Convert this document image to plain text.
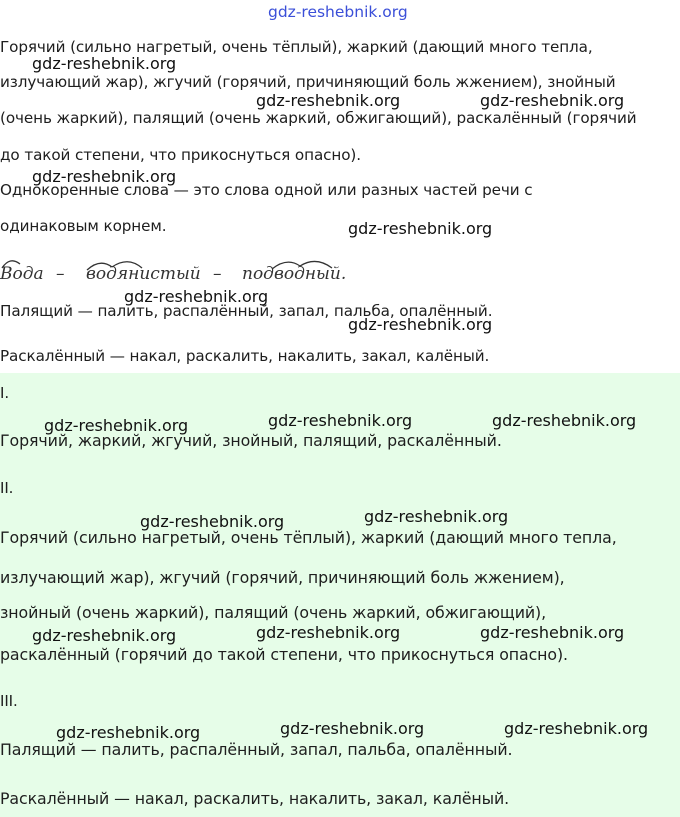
Горячий (сильно нагретый, очень тёплый), жаркий (дающий много тепла,

излучающий жар), жгучий (горячий, причиняющий боль жжением), знойный

(очень жаркий), палящий (очень жаркий, обжигающий), раскалённый (горячий

до такой степени, что прикоснуться опасно).

Однокоренные слова — это слова одной или разных частей речи с

одинаковым корнем.

Вода – водянистый – подводный.

Палящий — палить, распалённый, запал, пальба, опалённый.

Раскалённый — накал, раскалить, накалить, закал, калёный.

I.

Горячий, жаркий, жгучий, знойный, палящий, раскалённый.

II.

Горячий (сильно нагретый, очень тёплый), жаркий (дающий много тепла,

излучающий жар), жгучий (горячий, причиняющий боль жжением),

знойный (очень жаркий), палящий (очень жаркий, обжигающий),

раскалённый (горячий до такой степени, что прикоснуться опасно).

III.

Палящий — палить, распалённый, запал, пальба, опалённый.

Раскалённый — накал, раскалить, накалить, закал, калёный.

gdz-reshebnik.org
gdz-reshebnik.org
gdz-reshebnik.org	gdz-reshebnik.org
gdz-reshebnik.org
gdz-reshebnik.org
gdz-reshebnik.org
gdz-reshebnik.org
gdz-reshebnik.org	gdz-reshebnik.org	gdz-reshebnik.org
gdz-reshebnik.org	gdz-reshebnik.org
gdz-reshebnik.org	gdz-reshebnik.org	gdz-reshebnik.org
gdz-reshebnik.org	gdz-reshebnik.org	gdz-reshebnik.org
